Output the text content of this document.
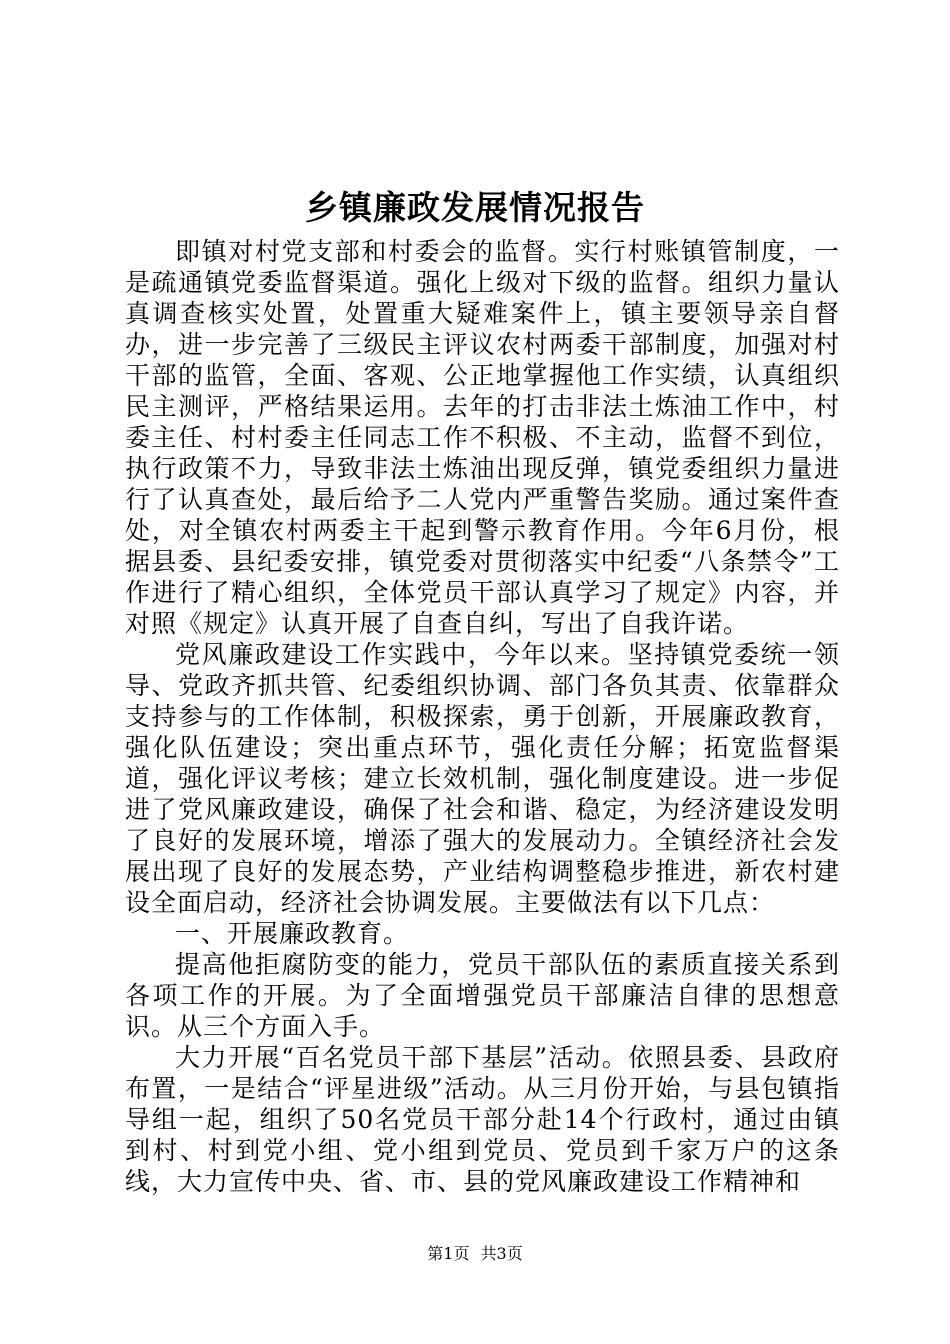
乡镇廉政发展情况报告

即镇对村党支部和村委会的监督。实行村账镇管制度，一是疏通镇党委监督渠道。强化上级对下级的监督。组织力量认真调查核实处置，处置重大疑难案件上，镇主要领导亲自督办，进一步完善了三级民主评议农村两委干部制度，加强对村干部的监管，全面、客观、公正地掌握他工作实绩，认真组织民主测评，严格结果运用。去年的打击非法土炼油工作中，村委主任、村村委主任同志工作不积极、不主动，监督不到位，执行政策不力，导致非法土炼油出现反弹，镇党委组织力量进行了认真查处，最后给予二人党内严重警告奖励。通过案件查处，对全镇农村两委主干起到警示教育作用。今年6月份，根据县委、县纪委安排，镇党委对贯彻落实中纪委“八条禁令”工作进行了精心组织，全体党员干部认真学习了规定》内容，并对照《规定》认真开展了自查自纠，写出了自我许诺。

党风廉政建设工作实践中，今年以来。坚持镇党委统一领导、党政齐抓共管、纪委组织协调、部门各负其责、依靠群众支持参与的工作体制，积极探索，勇于创新，开展廉政教育，强化队伍建设；突出重点环节，强化责任分解；拓宽监督渠道，强化评议考核；建立长效机制，强化制度建设。进一步促进了党风廉政建设，确保了社会和谐、稳定，为经济建设发明了良好的发展环境，增添了强大的发展动力。全镇经济社会发展出现了良好的发展态势，产业结构调整稳步推进，新农村建设全面启动，经济社会协调发展。主要做法有以下几点：

一、开展廉政教育。

提高他拒腐防变的能力，党员干部队伍的素质直接关系到各项工作的开展。为了全面增强党员干部廉洁自律的思想意识。从三个方面入手。

大力开展“百名党员干部下基层”活动。依照县委、县政府布置，一是结合“评星进级”活动。从三月份开始，与县包镇指导组一起，组织了50名党员干部分赴14个行政村，通过由镇到村、村到党小组、党小组到党员、党员到千家万户的这条线，大力宣传中央、省、市、县的党风廉政建设工作精神和

第1页 共3页
